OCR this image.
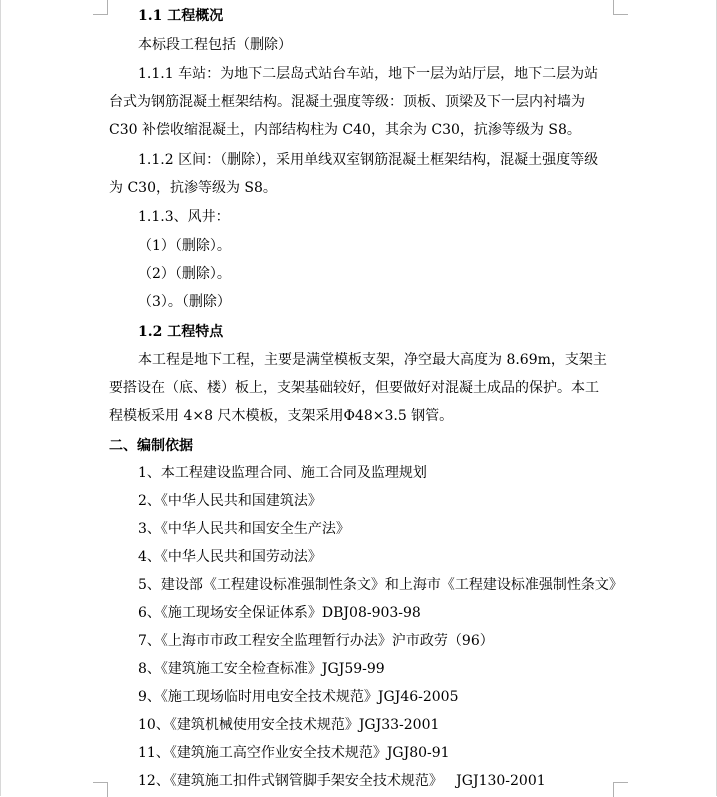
1.1 工程概况
本标段工程包括（删除）
1.1.1 车站：为地下二层岛式站台车站，地下一层为站厅层，地下二层为站
台式为钢筋混凝土框架结构。混凝土强度等级：顶板、顶梁及下一层内衬墙为
C30 补偿收缩混凝土，内部结构柱为 C40，其余为 C30，抗渗等级为 S8。
1.1.2 区间：（删除），采用单线双室钢筋混凝土框架结构，混凝土强度等级
为 C30，抗渗等级为 S8。
1.1.3、风井：
（1）（删除）。
（2）（删除）。
（3）。（删除）
1.2 工程特点
本工程是地下工程，主要是满堂模板支架，净空最大高度为 8.69m，支架主
要搭设在（底、楼）板上，支架基础较好，但要做好对混凝土成品的保护。本工
程模板采用 4×8 尺木模板，支架采用Φ48×3.5 钢管。
二、编制依据
1、本工程建设监理合同、施工合同及监理规划
2、《中华人民共和国建筑法》
3、《中华人民共和国安全生产法》
4、《中华人民共和国劳动法》
5、建设部《工程建设标准强制性条文》和上海市《工程建设标准强制性条文》
6、《施工现场安全保证体系》DBJ08-903-98
7、《上海市市政工程安全监理暂行办法》沪市政劳（96）
8、《建筑施工安全检查标准》JGJ59-99
9、《施工现场临时用电安全技术规范》JGJ46-2005
10、《建筑机械使用安全技术规范》JGJ33-2001
11、《建筑施工高空作业安全技术规范》JGJ80-91
12、《建筑施工扣件式钢管脚手架安全技术规范》   JGJ130-2001
